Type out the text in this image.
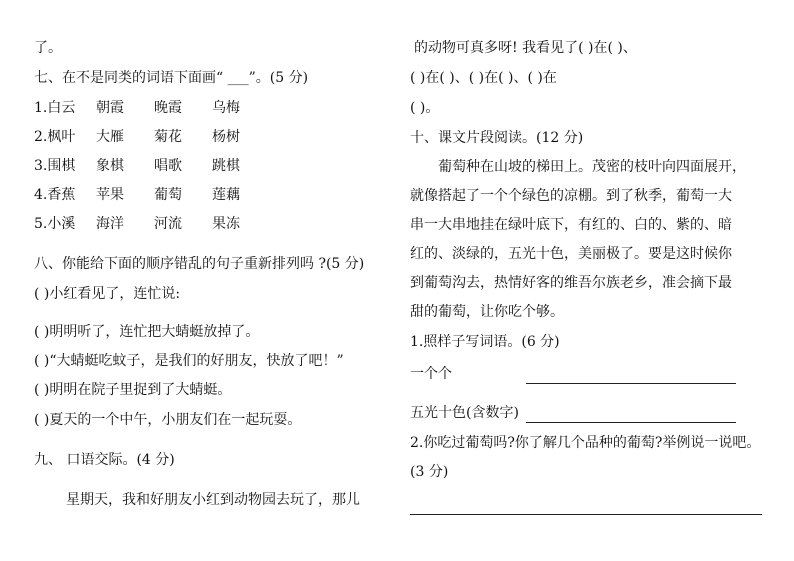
了。
七、在不是同类的词语下面画“ ___”。(5 分)
1.白云 朝霞 晚霞 乌梅
2.枫叶 大雁 菊花 杨树
3.围棋 象棋 唱歌 跳棋
4.香蕉 苹果 葡萄 莲藕
5.小溪 海洋 河流 果冻
八、你能给下面的顺序错乱的句子重新排列吗 ?(5 分)
( )小红看见了，连忙说:
( )明明听了，连忙把大蜻蜓放掉了。
( )“大蜻蜓吃蚊子，是我们的好朋友，快放了吧！”
( )明明在院子里捉到了大蜻蜓。
( )夏天的一个中午，小朋友们在一起玩耍。
九、 口语交际。(4 分)
星期天，我和好朋友小红到动物园去玩了，那儿
的动物可真多呀! 我看见了( )在( )、
( )在( )、( )在( )、( )在
( )。
十、课文片段阅读。(12 分)
葡萄种在山坡的梯田上。茂密的枝叶向四面展开，
就像搭起了一个个绿色的凉棚。到了秋季，葡萄一大
串一大串地挂在绿叶底下，有红的、白的、紫的、暗
红的、淡绿的，五光十色，美丽极了。要是这时候你
到葡萄沟去，热情好客的维吾尔族老乡，准会摘下最
甜的葡萄，让你吃个够。
1.照样子写词语。(6 分)
一个个
五光十色(含数字)
2.你吃过葡萄吗?你了解几个品种的葡萄?举例说一说吧。
(3 分)
